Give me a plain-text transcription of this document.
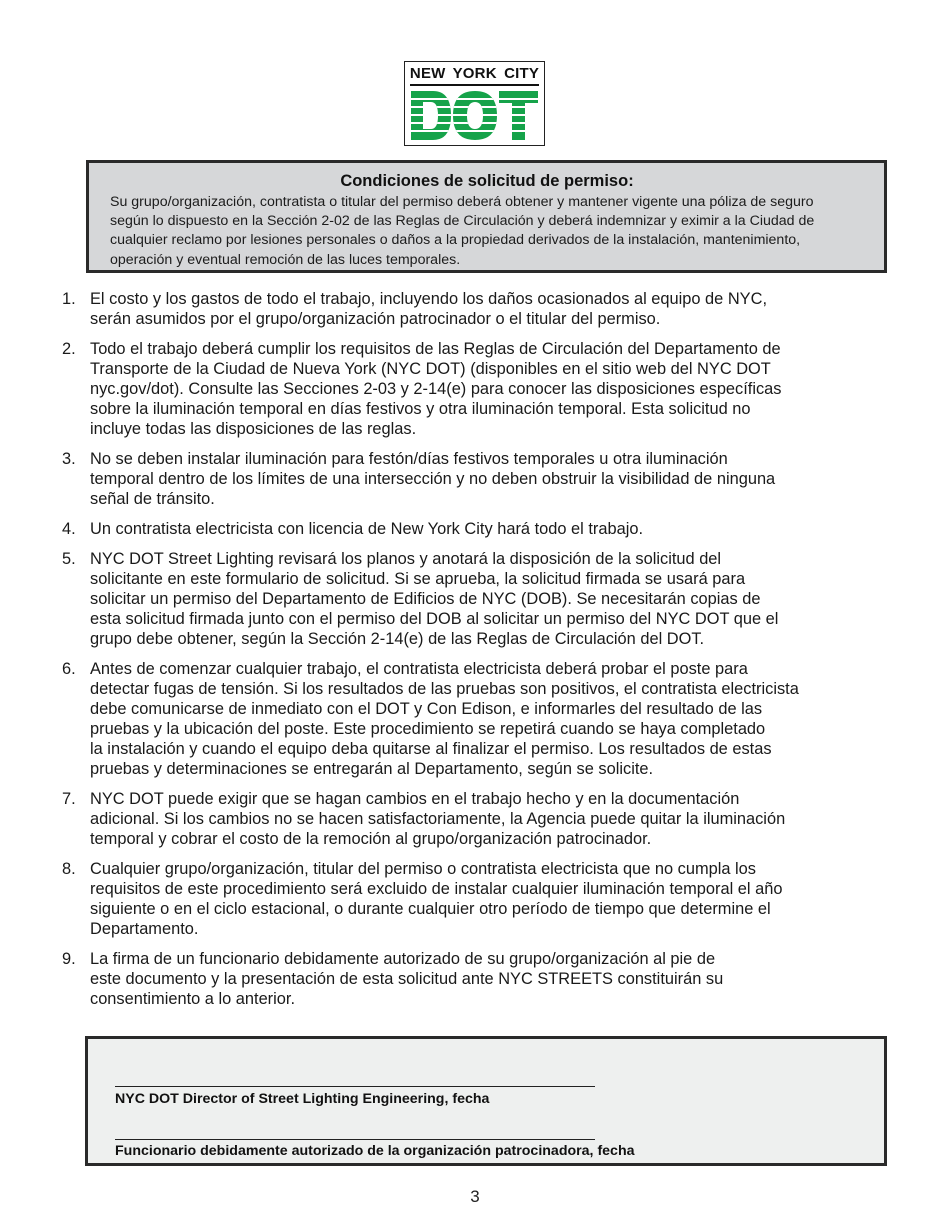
NEW YORK CITY
Condiciones de solicitud de permiso:
Su grupo/organización, contratista o titular del permiso deberá obtener y mantener vigente una póliza de seguro
según lo dispuesto en la Sección 2-02 de las Reglas de Circulación y deberá indemnizar y eximir a la Ciudad de
cualquier reclamo por lesiones personales o daños a la propiedad derivados de la instalación, mantenimiento,
operación y eventual remoción de las luces temporales.
1. El costo y los gastos de todo el trabajo, incluyendo los daños ocasionados al equipo de NYC,
serán asumidos por el grupo/organización patrocinador o el titular del permiso.
2. Todo el trabajo deberá cumplir los requisitos de las Reglas de Circulación del Departamento de
Transporte de la Ciudad de Nueva York (NYC DOT) (disponibles en el sitio web del NYC DOT
nyc.gov/dot). Consulte las Secciones 2-03 y 2-14(e) para conocer las disposiciones específicas
sobre la iluminación temporal en días festivos y otra iluminación temporal. Esta solicitud no
incluye todas las disposiciones de las reglas.
3. No se deben instalar iluminación para festón/días festivos temporales u otra iluminación
temporal dentro de los límites de una intersección y no deben obstruir la visibilidad de ninguna
señal de tránsito.
4. Un contratista electricista con licencia de New York City hará todo el trabajo.
5. NYC DOT Street Lighting revisará los planos y anotará la disposición de la solicitud del
solicitante en este formulario de solicitud. Si se aprueba, la solicitud firmada se usará para
solicitar un permiso del Departamento de Edificios de NYC (DOB). Se necesitarán copias de
esta solicitud firmada junto con el permiso del DOB al solicitar un permiso del NYC DOT que el
grupo debe obtener, según la Sección 2-14(e) de las Reglas de Circulación del DOT.
6. Antes de comenzar cualquier trabajo, el contratista electricista deberá probar el poste para
detectar fugas de tensión. Si los resultados de las pruebas son positivos, el contratista electricista
debe comunicarse de inmediato con el DOT y Con Edison, e informarles del resultado de las
pruebas y la ubicación del poste. Este procedimiento se repetirá cuando se haya completado
la instalación y cuando el equipo deba quitarse al finalizar el permiso. Los resultados de estas
pruebas y determinaciones se entregarán al Departamento, según se solicite.
7. NYC DOT puede exigir que se hagan cambios en el trabajo hecho y en la documentación
adicional. Si los cambios no se hacen satisfactoriamente, la Agencia puede quitar la iluminación
temporal y cobrar el costo de la remoción al grupo/organización patrocinador.
8. Cualquier grupo/organización, titular del permiso o contratista electricista que no cumpla los
requisitos de este procedimiento será excluido de instalar cualquier iluminación temporal el año
siguiente o en el ciclo estacional, o durante cualquier otro período de tiempo que determine el
Departamento.
9. La firma de un funcionario debidamente autorizado de su grupo/organización al pie de
este documento y la presentación de esta solicitud ante NYC STREETS constituirán su
consentimiento a lo anterior.
NYC DOT Director of Street Lighting Engineering, fecha
Funcionario debidamente autorizado de la organización patrocinadora, fecha
3
